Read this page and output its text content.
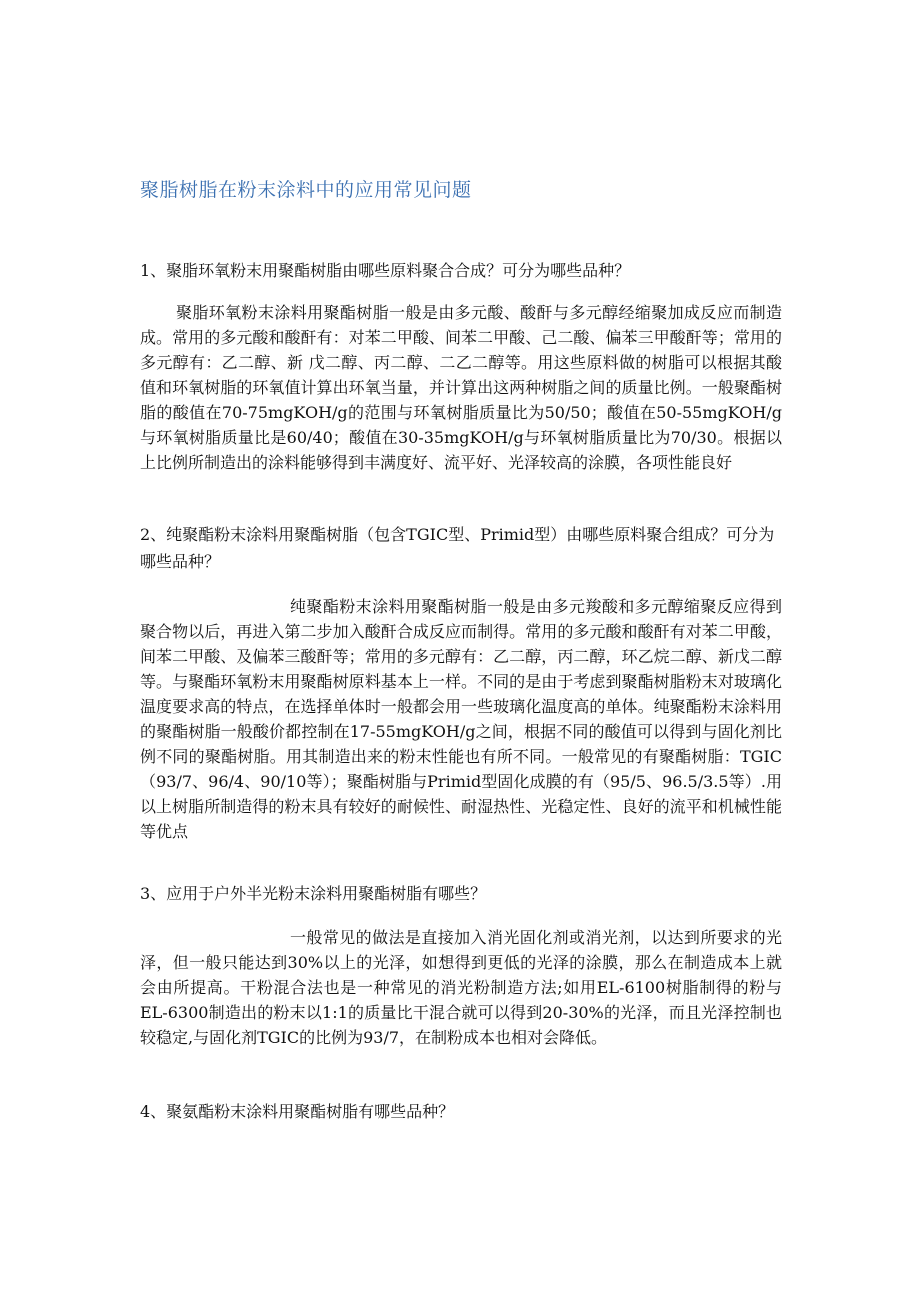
聚脂树脂在粉末涂料中的应用常见问题
1、聚脂环氧粉末用聚酯树脂由哪些原料聚合合成？可分为哪些品种？
聚脂环氧粉末涂料用聚酯树脂一般是由多元酸、酸酐与多元醇经缩聚加成反应而制造成。常用的多元酸和酸酐有：对苯二甲酸、间苯二甲酸、己二酸、偏苯三甲酸酐等；常用的多元醇有：乙二醇、新 戊二醇、丙二醇、二乙二醇等。用这些原料做的树脂可以根据其酸值和环氧树脂的环氧值计算出环氧当量，并计算出这两种树脂之间的质量比例。一般聚酯树脂的酸值在70-75mgKOH/g的范围与环氧树脂质量比为50/50；酸值在50-55mgKOH/g与环氧树脂质量比是60/40；酸值在30-35mgKOH/g与环氧树脂质量比为70/30。根据以上比例所制造出的涂料能够得到丰满度好、流平好、光泽较高的涂膜，各项性能良好
2、纯聚酯粉末涂料用聚酯树脂（包含TGIC型、Primid型）由哪些原料聚合组成？可分为哪些品种？
纯聚酯粉末涂料用聚酯树脂一般是由多元羧酸和多元醇缩聚反应得到聚合物以后，再进入第二步加入酸酐合成反应而制得。常用的多元酸和酸酐有对苯二甲酸，间苯二甲酸、及偏苯三酸酐等；常用的多元醇有：乙二醇，丙二醇，环乙烷二醇、新戊二醇等。与聚酯环氧粉末用聚酯树原料基本上一样。不同的是由于考虑到聚酯树脂粉末对玻璃化温度要求高的特点，在选择单体时一般都会用一些玻璃化温度高的单体。纯聚酯粉末涂料用的聚酯树脂一般酸价都控制在17-55mgKOH/g之间，根据不同的酸值可以得到与固化剂比例不同的聚酯树脂。用其制造出来的粉末性能也有所不同。一般常见的有聚酯树脂：TGIC（93/7、96/4、90/10等）；聚酯树脂与Primid型固化成膜的有（95/5、96.5/3.5等）.用以上树脂所制造得的粉末具有较好的耐候性、耐湿热性、光稳定性、良好的流平和机械性能等优点
3、应用于户外半光粉末涂料用聚酯树脂有哪些？
一般常见的做法是直接加入消光固化剂或消光剂，以达到所要求的光泽，但一般只能达到30%以上的光泽，如想得到更低的光泽的涂膜，那么在制造成本上就会由所提高。干粉混合法也是一种常见的消光粉制造方法;如用EL-6100树脂制得的粉与EL-6300制造出的粉末以1:1的质量比干混合就可以得到20-30%的光泽，而且光泽控制也较稳定,与固化剂TGIC的比例为93/7，在制粉成本也相对会降低。
4、聚氨酯粉末涂料用聚酯树脂有哪些品种？
